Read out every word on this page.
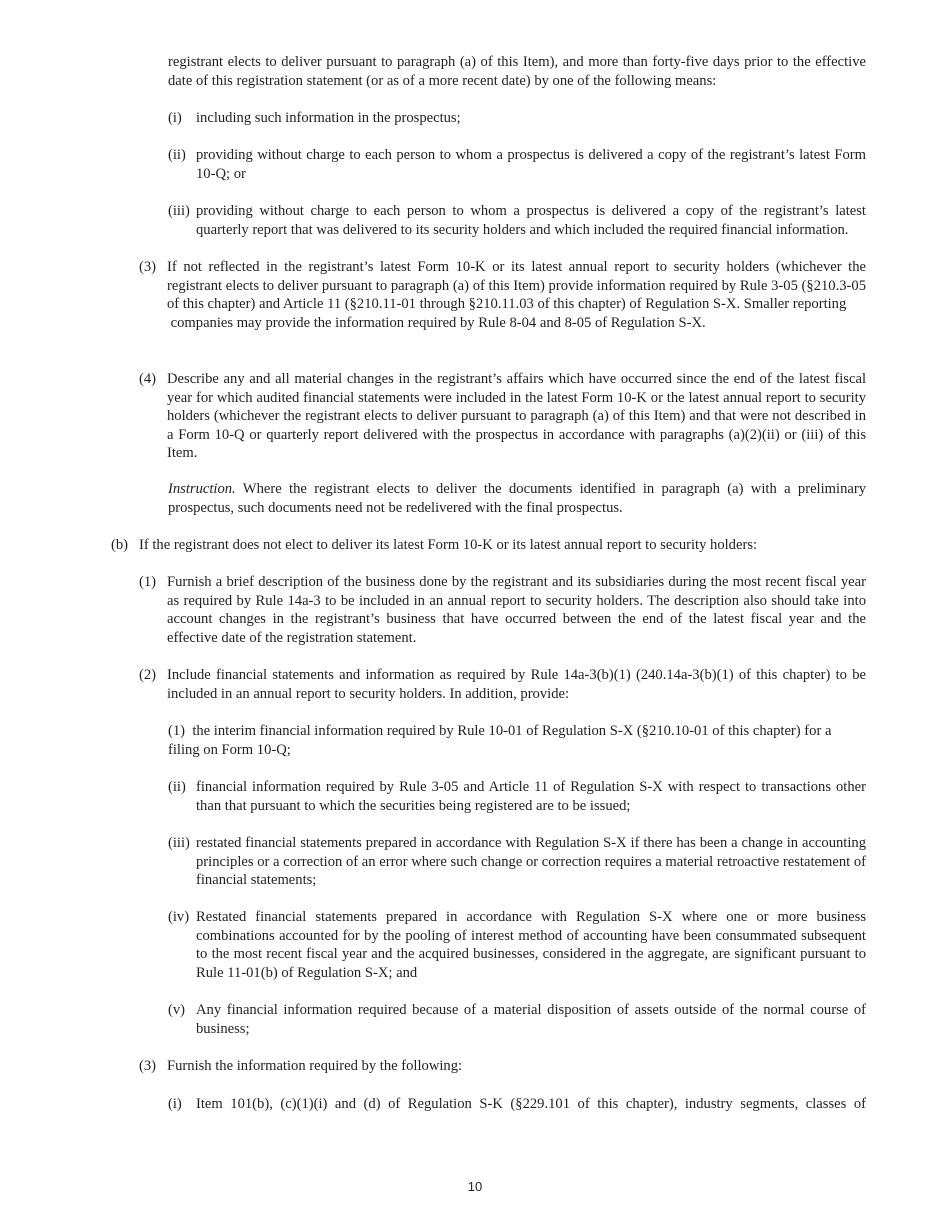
registrant elects to deliver pursuant to paragraph (a) of this Item), and more than forty-five days prior to the effective date of this registration statement (or as of a more recent date) by one of the following means:
(i) including such information in the prospectus;
(ii) providing without charge to each person to whom a prospectus is delivered a copy of the registrant’s latest Form 10-Q; or
(iii) providing without charge to each person to whom a prospectus is delivered a copy of the registrant’s latest quarterly report that was delivered to its security holders and which included the required financial information.
(3) If not reflected in the registrant’s latest Form 10-K or its latest annual report to security holders (whichever the registrant elects to deliver pursuant to paragraph (a) of this Item) provide information required by Rule 3-05 (§210.3-05 of this chapter) and Article 11 (§210.11-01 through §210.11.03 of this chapter) of Regulation S-X. Smaller reporting
companies may provide the information required by Rule 8-04 and 8-05 of Regulation S-X.
(4) Describe any and all material changes in the registrant’s affairs which have occurred since the end of the latest fiscal year for which audited financial statements were included in the latest Form 10-K or the latest annual report to security holders (whichever the registrant elects to deliver pursuant to paragraph (a) of this Item) and that were not described in a Form 10-Q or quarterly report delivered with the prospectus in accordance with paragraphs (a)(2)(ii) or (iii) of this Item.
Instruction. Where the registrant elects to deliver the documents identified in paragraph (a) with a preliminary prospectus, such documents need not be redelivered with the final prospectus.
(b) If the registrant does not elect to deliver its latest Form 10-K or its latest annual report to security holders:
(1) Furnish a brief description of the business done by the registrant and its subsidiaries during the most recent fiscal year as required by Rule 14a-3 to be included in an annual report to security holders. The description also should take into account changes in the registrant’s business that have occurred between the end of the latest fiscal year and the effective date of the registration statement.
(2) Include financial statements and information as required by Rule 14a-3(b)(1) (240.14a-3(b)(1) of this chapter) to be included in an annual report to security holders. In addition, provide:
(1)  the interim financial information required by Rule 10-01 of Regulation S-X (§210.10-01 of this chapter) for a filing on Form 10-Q;
(ii) financial information required by Rule 3-05 and Article 11 of Regulation S-X with respect to transactions other than that pursuant to which the securities being registered are to be issued;
(iii) restated financial statements prepared in accordance with Regulation S-X if there has been a change in accounting principles or a correction of an error where such change or correction requires a material retroactive restatement of financial statements;
(iv) Restated financial statements prepared in accordance with Regulation S-X where one or more business combinations accounted for by the pooling of interest method of accounting have been consummated subsequent to the most recent fiscal year and the acquired businesses, considered in the aggregate, are significant pursuant to Rule 11-01(b) of Regulation S-X; and
(v) Any financial information required because of a material disposition of assets outside of the normal course of business;
(3) Furnish the information required by the following:
(i) Item 101(b), (c)(1)(i) and (d) of Regulation S-K (§229.101 of this chapter), industry segments, classes of
10
